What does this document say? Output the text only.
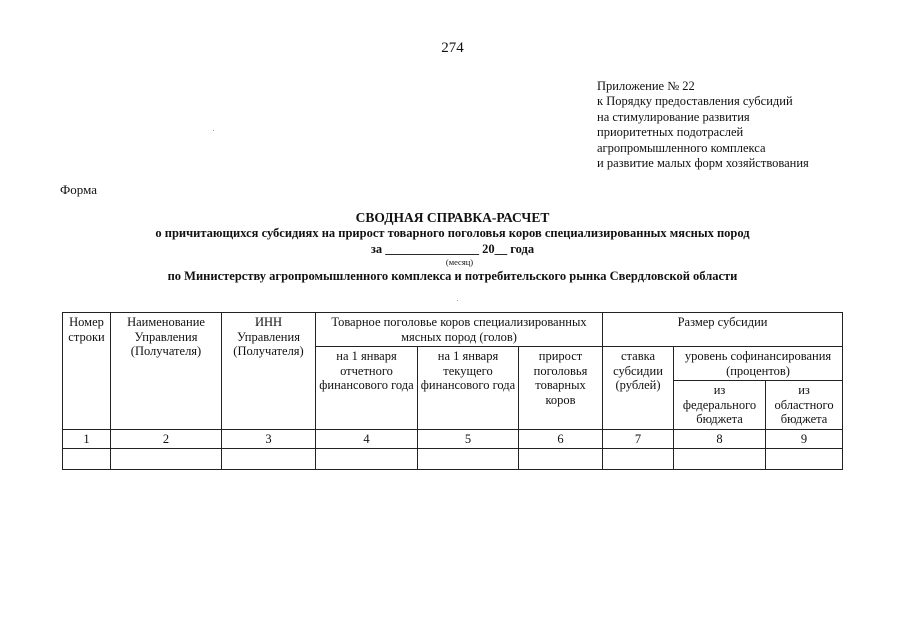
274
Приложение № 22
к Порядку предоставления субсидий
на стимулирование развития
приоритетных подотраслей
агропромышленного комплекса
и развитие малых форм хозяйствования
Форма
СВОДНАЯ СПРАВКА-РАСЧЕТ
о причитающихся субсидиях на прирост товарного поголовья коров специализированных мясных пород
за _______________ 20__ года
(месяц)
по Министерству агропромышленного комплекса и потребительского рынка Свердловской области
Номер строки	Наименование Управления (Получателя)	ИНН Управления (Получателя)	Товарное поголовье коров специализированных мясных пород (голов)			Размер субсидии		
			на 1 января отчетного финансового года	на 1 января текущего финансового года	прирост поголовья товарных коров	ставка субсидии (рублей)	уровень софинансирования (процентов)	
							из федерального бюджета	из областного бюджета
1	2	3	4	5	6	7	8	9
